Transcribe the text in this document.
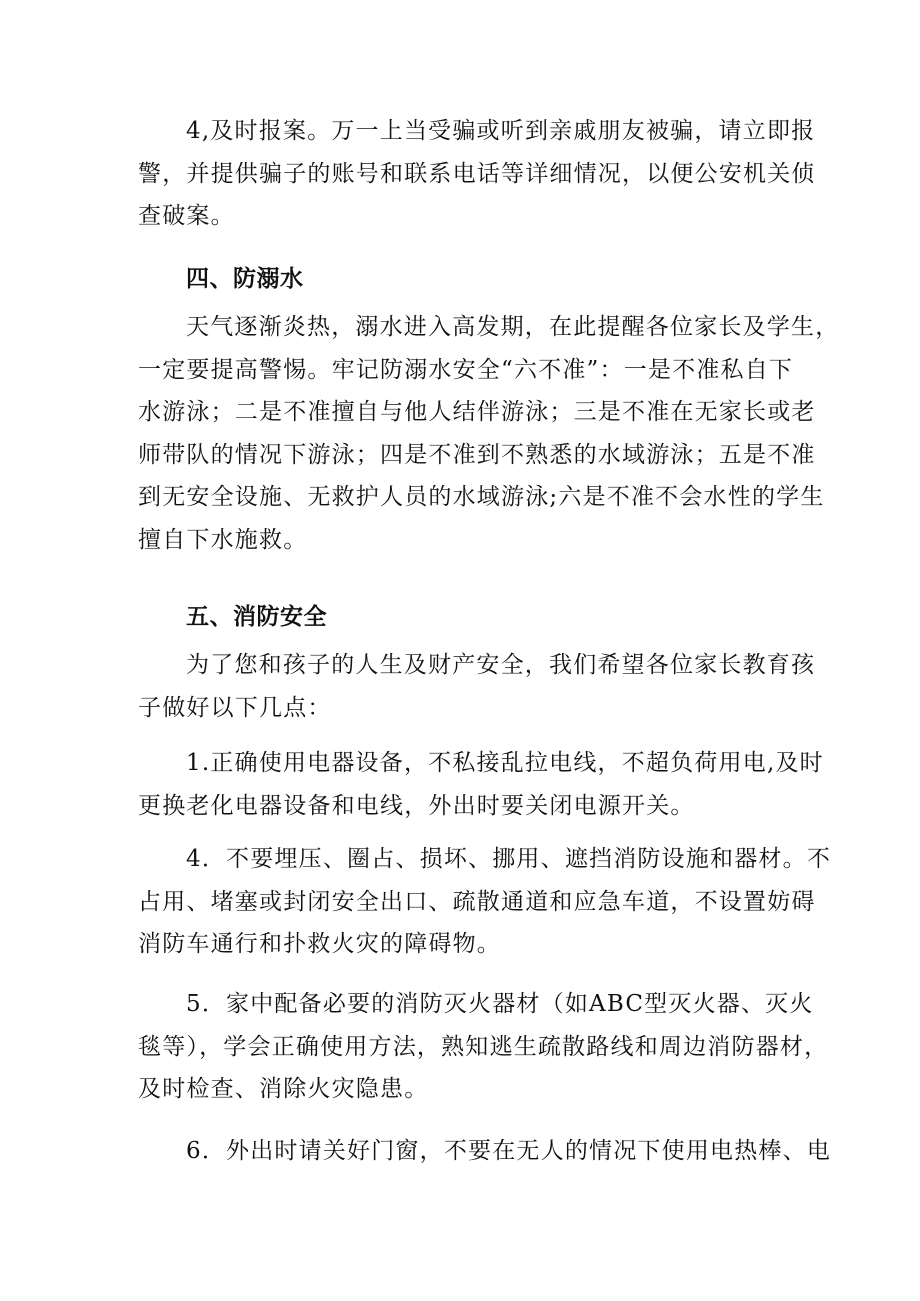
4,及时报案。万一上当受骗或听到亲戚朋友被骗，请立即报
警，并提供骗子的账号和联系电话等详细情况，以便公安机关侦
查破案。

四、防溺水

天气逐渐炎热，溺水进入高发期，在此提醒各位家长及学生，
一定要提高警惕。牢记防溺水安全“六不准”：一是不准私自下
水游泳；二是不准擅自与他人结伴游泳；三是不准在无家长或老
师带队的情况下游泳；四是不准到不熟悉的水域游泳；五是不准
到无安全设施、无救护人员的水域游泳;六是不准不会水性的学生
擅自下水施救。

五、消防安全

为了您和孩子的人生及财产安全，我们希望各位家长教育孩
子做好以下几点：

1.正确使用电器设备，不私接乱拉电线，不超负荷用电,及时
更换老化电器设备和电线，外出时要关闭电源开关。

4．不要埋压、圈占、损坏、挪用、遮挡消防设施和器材。不
占用、堵塞或封闭安全出口、疏散通道和应急车道，不设置妨碍
消防车通行和扑救火灾的障碍物。

5．家中配备必要的消防灭火器材（如ABC型灭火器、灭火
毯等），学会正确使用方法，熟知逃生疏散路线和周边消防器材，
及时检查、消除火灾隐患。

6．外出时请关好门窗，不要在无人的情况下使用电热棒、电
